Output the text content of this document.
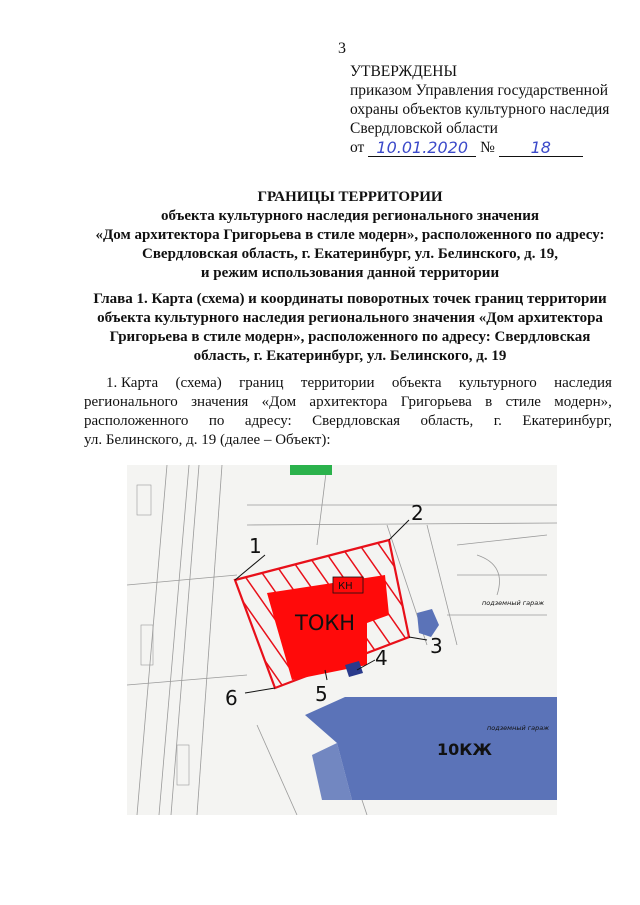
3
УТВЕРЖДЕНЫ
приказом Управления государственной
охраны объектов культурного наследия
Свердловской области
от 10.01.2020 № 18
ГРАНИЦЫ ТЕРРИТОРИИ
объекта культурного наследия регионального значения
«Дом архитектора Григорьева в стиле модерн», расположенного по адресу:
Свердловская область, г. Екатеринбург, ул. Белинского, д. 19,
и режим использования данной территории
Глава 1. Карта (схема) и координаты поворотных точек границ территории
объекта культурного наследия регионального значения «Дом архитектора
Григорьева в стиле модерн», расположенного по адресу: Свердловская
область, г. Екатеринбург, ул. Белинского, д. 19
1. Карта (схема) границ территории объекта культурного наследия
регионального значения «Дом архитектора Григорьева в стиле модерн»,
расположенного по адресу: Свердловская область, г. Екатеринбург,
ул. Белинского, д. 19 (далее – Объект):
10КЖ
подземный гараж
подземный гараж
КН
ТОКН
1
2
3
4
5
6
